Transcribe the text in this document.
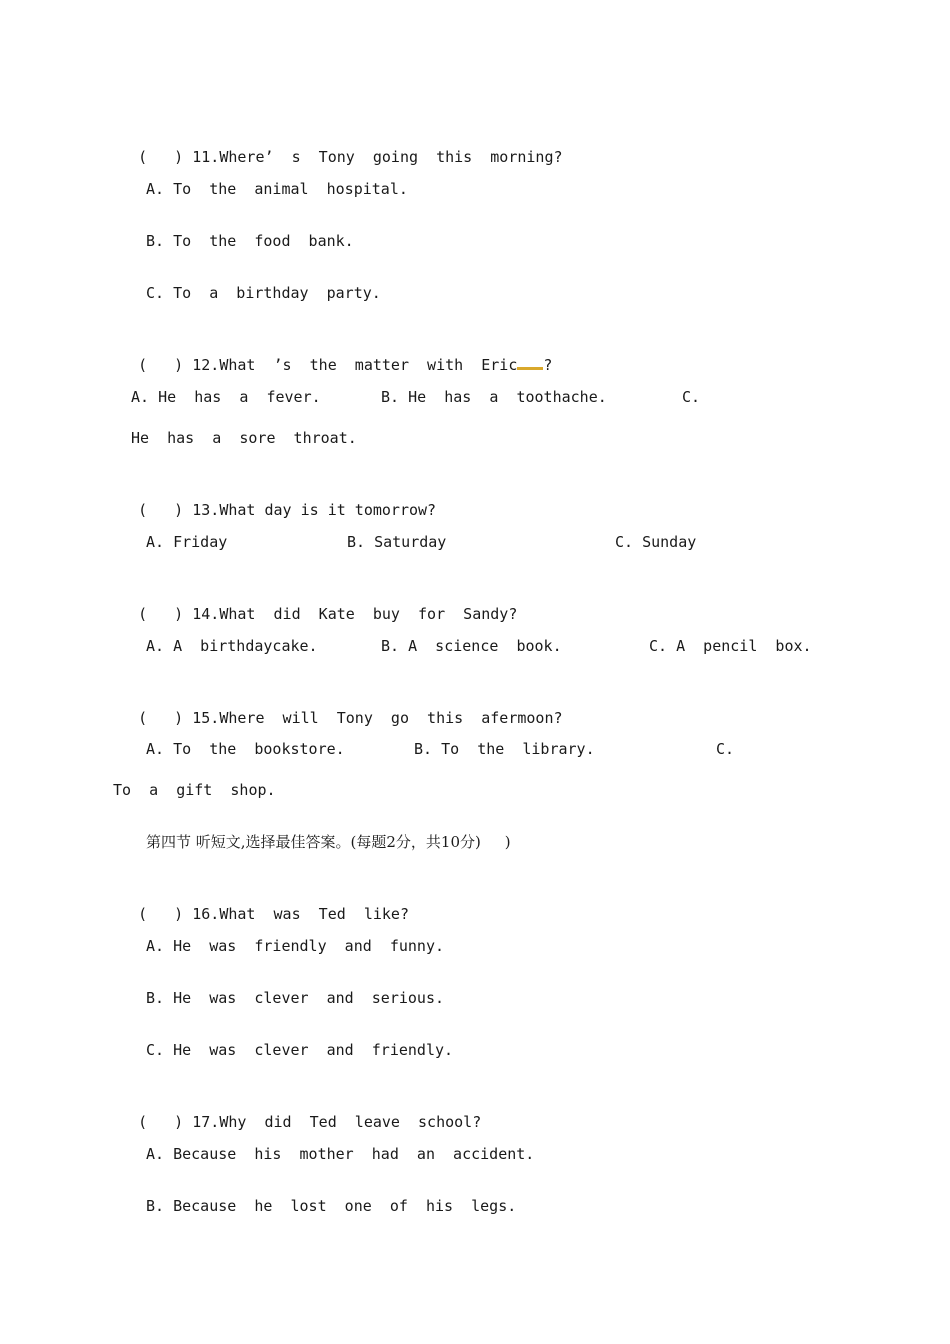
(   ) 11.Where’  s  Tony  going  this  morning?

A. To  the  animal  hospital.
B. To  the  food  bank.
C. To  a  birthday  party.

(   ) 12.What  ’s  the  matter  with  Eric ?

A. He  has  a  fever.	B. He  has  a  toothache.	C.
He  has  a  sore  throat.

(   ) 13.What day is it tomorrow?

A. Friday	B. Saturday	C. Sunday

(   ) 14.What  did  Kate  buy  for  Sandy?

A. A  birthdaycake.	B. A  science  book.	C. A  pencil  box.

(   ) 15.Where  will  Tony  go  this  afermoon?

A. To  the  bookstore.	B. To  the  library.	C.
To  a  gift  shop.
第四节 听短文,选择最佳答案。(每题2分，共10分)     )

(   ) 16.What  was  Ted  like?

A. He  was  friendly  and  funny.
B. He  was  clever  and  serious.
C. He  was  clever  and  friendly.

(   ) 17.Why  did  Ted  leave  school?

A. Because  his  mother  had  an  accident.
B. Because  he  lost  one  of  his  legs.
